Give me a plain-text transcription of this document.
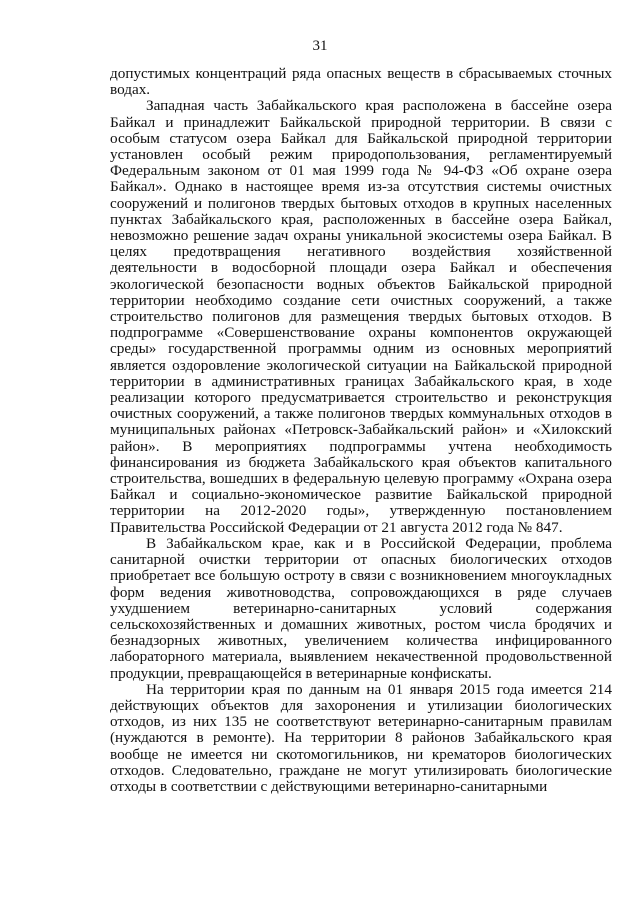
31

допустимых концентраций ряда опасных веществ в сбрасываемых сточных водах.

Западная часть Забайкальского края расположена в бассейне озера Байкал и принадлежит Байкальской природной территории. В связи с особым статусом озера Байкал для Байкальской природной территории установлен особый режим природопользования, регламентируемый Федеральным законом от 01 мая 1999 года № 94-ФЗ «Об охране озера Байкал». Однако в настоящее время из-за отсутствия системы очистных сооружений и полигонов твердых бытовых отходов в крупных населенных пунктах Забайкальского края, расположенных в бассейне озера Байкал, невозможно решение задач охраны уникальной экосистемы озера Байкал. В целях предотвращения негативного воздействия хозяйственной деятельности в водосборной площади озера Байкал и обеспечения экологической безопасности водных объектов Байкальской природной территории необходимо создание сети очистных сооружений, а также строительство полигонов для размещения твердых бытовых отходов. В подпрограмме «Совершенствование охраны компонентов окружающей среды» государственной программы одним из основных мероприятий является оздоровление экологической ситуации на Байкальской природной территории в административных границах Забайкальского края, в ходе реализации которого предусматривается строительство и реконструкция очистных сооружений, а также полигонов твердых коммунальных отходов в муниципальных районах «Петровск-Забайкальский район» и «Хилокский район». В мероприятиях подпрограммы учтена необходимость финансирования из бюджета Забайкальского края объектов капитального строительства, вошедших в федеральную целевую программу «Охрана озера Байкал и социально-экономическое развитие Байкальской природной территории на 2012-2020 годы», утвержденную постановлением Правительства Российской Федерации от 21 августа 2012 года № 847.

В Забайкальском крае, как и в Российской Федерации, проблема санитарной очистки территории от опасных биологических отходов приобретает все большую остроту в связи с возникновением многоукладных форм ведения животноводства, сопровождающихся в ряде случаев ухудшением ветеринарно-санитарных условий содержания сельскохозяйственных и домашних животных, ростом числа бродячих и безнадзорных животных, увеличением количества инфицированного лабораторного материала, выявлением некачественной продовольственной продукции, превращающейся в ветеринарные конфискаты.

На территории края по данным на 01 января 2015 года имеется 214 действующих объектов для захоронения и утилизации биологических отходов, из них 135 не соответствуют ветеринарно-санитарным правилам (нуждаются в ремонте). На территории 8 районов Забайкальского края вообще не имеется ни скотомогильников, ни крематоров биологических отходов. Следовательно, граждане не могут утилизировать биологические отходы в соответствии с действующими ветеринарно-санитарными
